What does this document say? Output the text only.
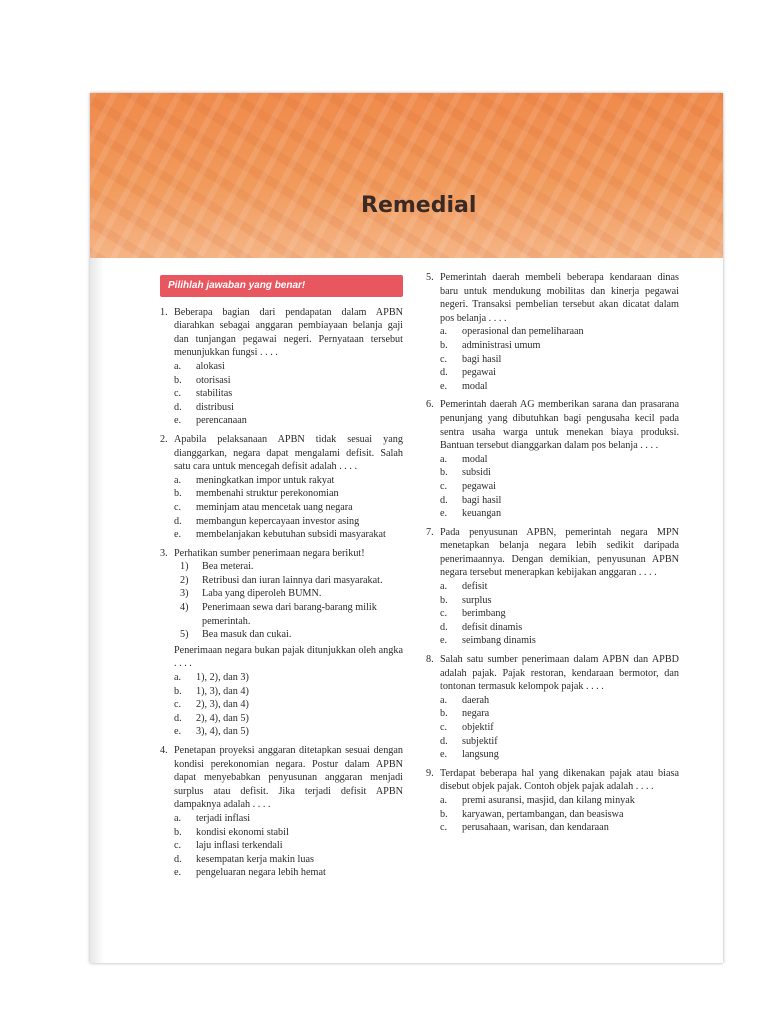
Remedial
Pilihlah jawaban yang benar!
1. Beberapa bagian dari pendapatan dalam APBN diarahkan sebagai anggaran pembiayaan belanja gaji dan tunjangan pegawai negeri. Pernyataan tersebut menunjukkan fungsi . . . .
a.	alokasi
b.	otorisasi
c.	stabilitas
d.	distribusi
e.	perencanaan
2. Apabila pelaksanaan APBN tidak sesuai yang dianggarkan, negara dapat mengalami defisit. Salah satu cara untuk mencegah defisit adalah . . . .
a.	meningkatkan impor untuk rakyat
b.	membenahi struktur perekonomian
c.	meminjam atau mencetak uang negara
d.	membangun kepercayaan investor asing
e.	membelanjakan kebutuhan subsidi masyarakat
3. Perhatikan sumber penerimaan negara berikut!
1)	Bea meterai.
2)	Retribusi dan iuran lainnya dari masyarakat.
3)	Laba yang diperoleh BUMN.
4)	Penerimaan sewa dari barang-barang milik pemerintah.
5)	Bea masuk dan cukai.
Penerimaan negara bukan pajak ditunjukkan oleh angka . . . .
a.	1), 2), dan 3)
b.	1), 3), dan 4)
c.	2), 3), dan 4)
d.	2), 4), dan 5)
e.	3), 4), dan 5)
4. Penetapan proyeksi anggaran ditetapkan sesuai dengan kondisi perekonomian negara. Postur dalam APBN dapat menyebabkan penyusunan anggaran menjadi surplus atau defisit. Jika terjadi defisit APBN dampaknya adalah . . . .
a.	terjadi inflasi
b.	kondisi ekonomi stabil
c.	laju inflasi terkendali
d.	kesempatan kerja makin luas
e.	pengeluaran negara lebih hemat
5. Pemerintah daerah membeli beberapa kendaraan dinas baru untuk mendukung mobilitas dan kinerja pegawai negeri. Transaksi pembelian tersebut akan dicatat dalam pos belanja . . . .
a.	operasional dan pemeliharaan
b.	administrasi umum
c.	bagi hasil
d.	pegawai
e.	modal
6. Pemerintah daerah AG memberikan sarana dan prasarana penunjang yang dibutuhkan bagi pengusaha kecil pada sentra usaha warga untuk menekan biaya produksi. Bantuan tersebut dianggarkan dalam pos belanja . . . .
a.	modal
b.	subsidi
c.	pegawai
d.	bagi hasil
e.	keuangan
7. Pada penyusunan APBN, pemerintah negara MPN menetapkan belanja negara lebih sedikit daripada penerimaannya. Dengan demikian, penyusunan APBN negara tersebut menerapkan kebijakan anggaran . . . .
a.	defisit
b.	surplus
c.	berimbang
d.	defisit dinamis
e.	seimbang dinamis
8. Salah satu sumber penerimaan dalam APBN dan APBD adalah pajak. Pajak restoran, kendaraan bermotor, dan tontonan termasuk kelompok pajak . . . .
a.	daerah
b.	negara
c.	objektif
d.	subjektif
e.	langsung
9. Terdapat beberapa hal yang dikenakan pajak atau biasa disebut objek pajak. Contoh objek pajak adalah . . . .
a.	premi asuransi, masjid, dan kilang minyak
b.	karyawan, pertambangan, dan beasiswa
c.	perusahaan, warisan, dan kendaraan
